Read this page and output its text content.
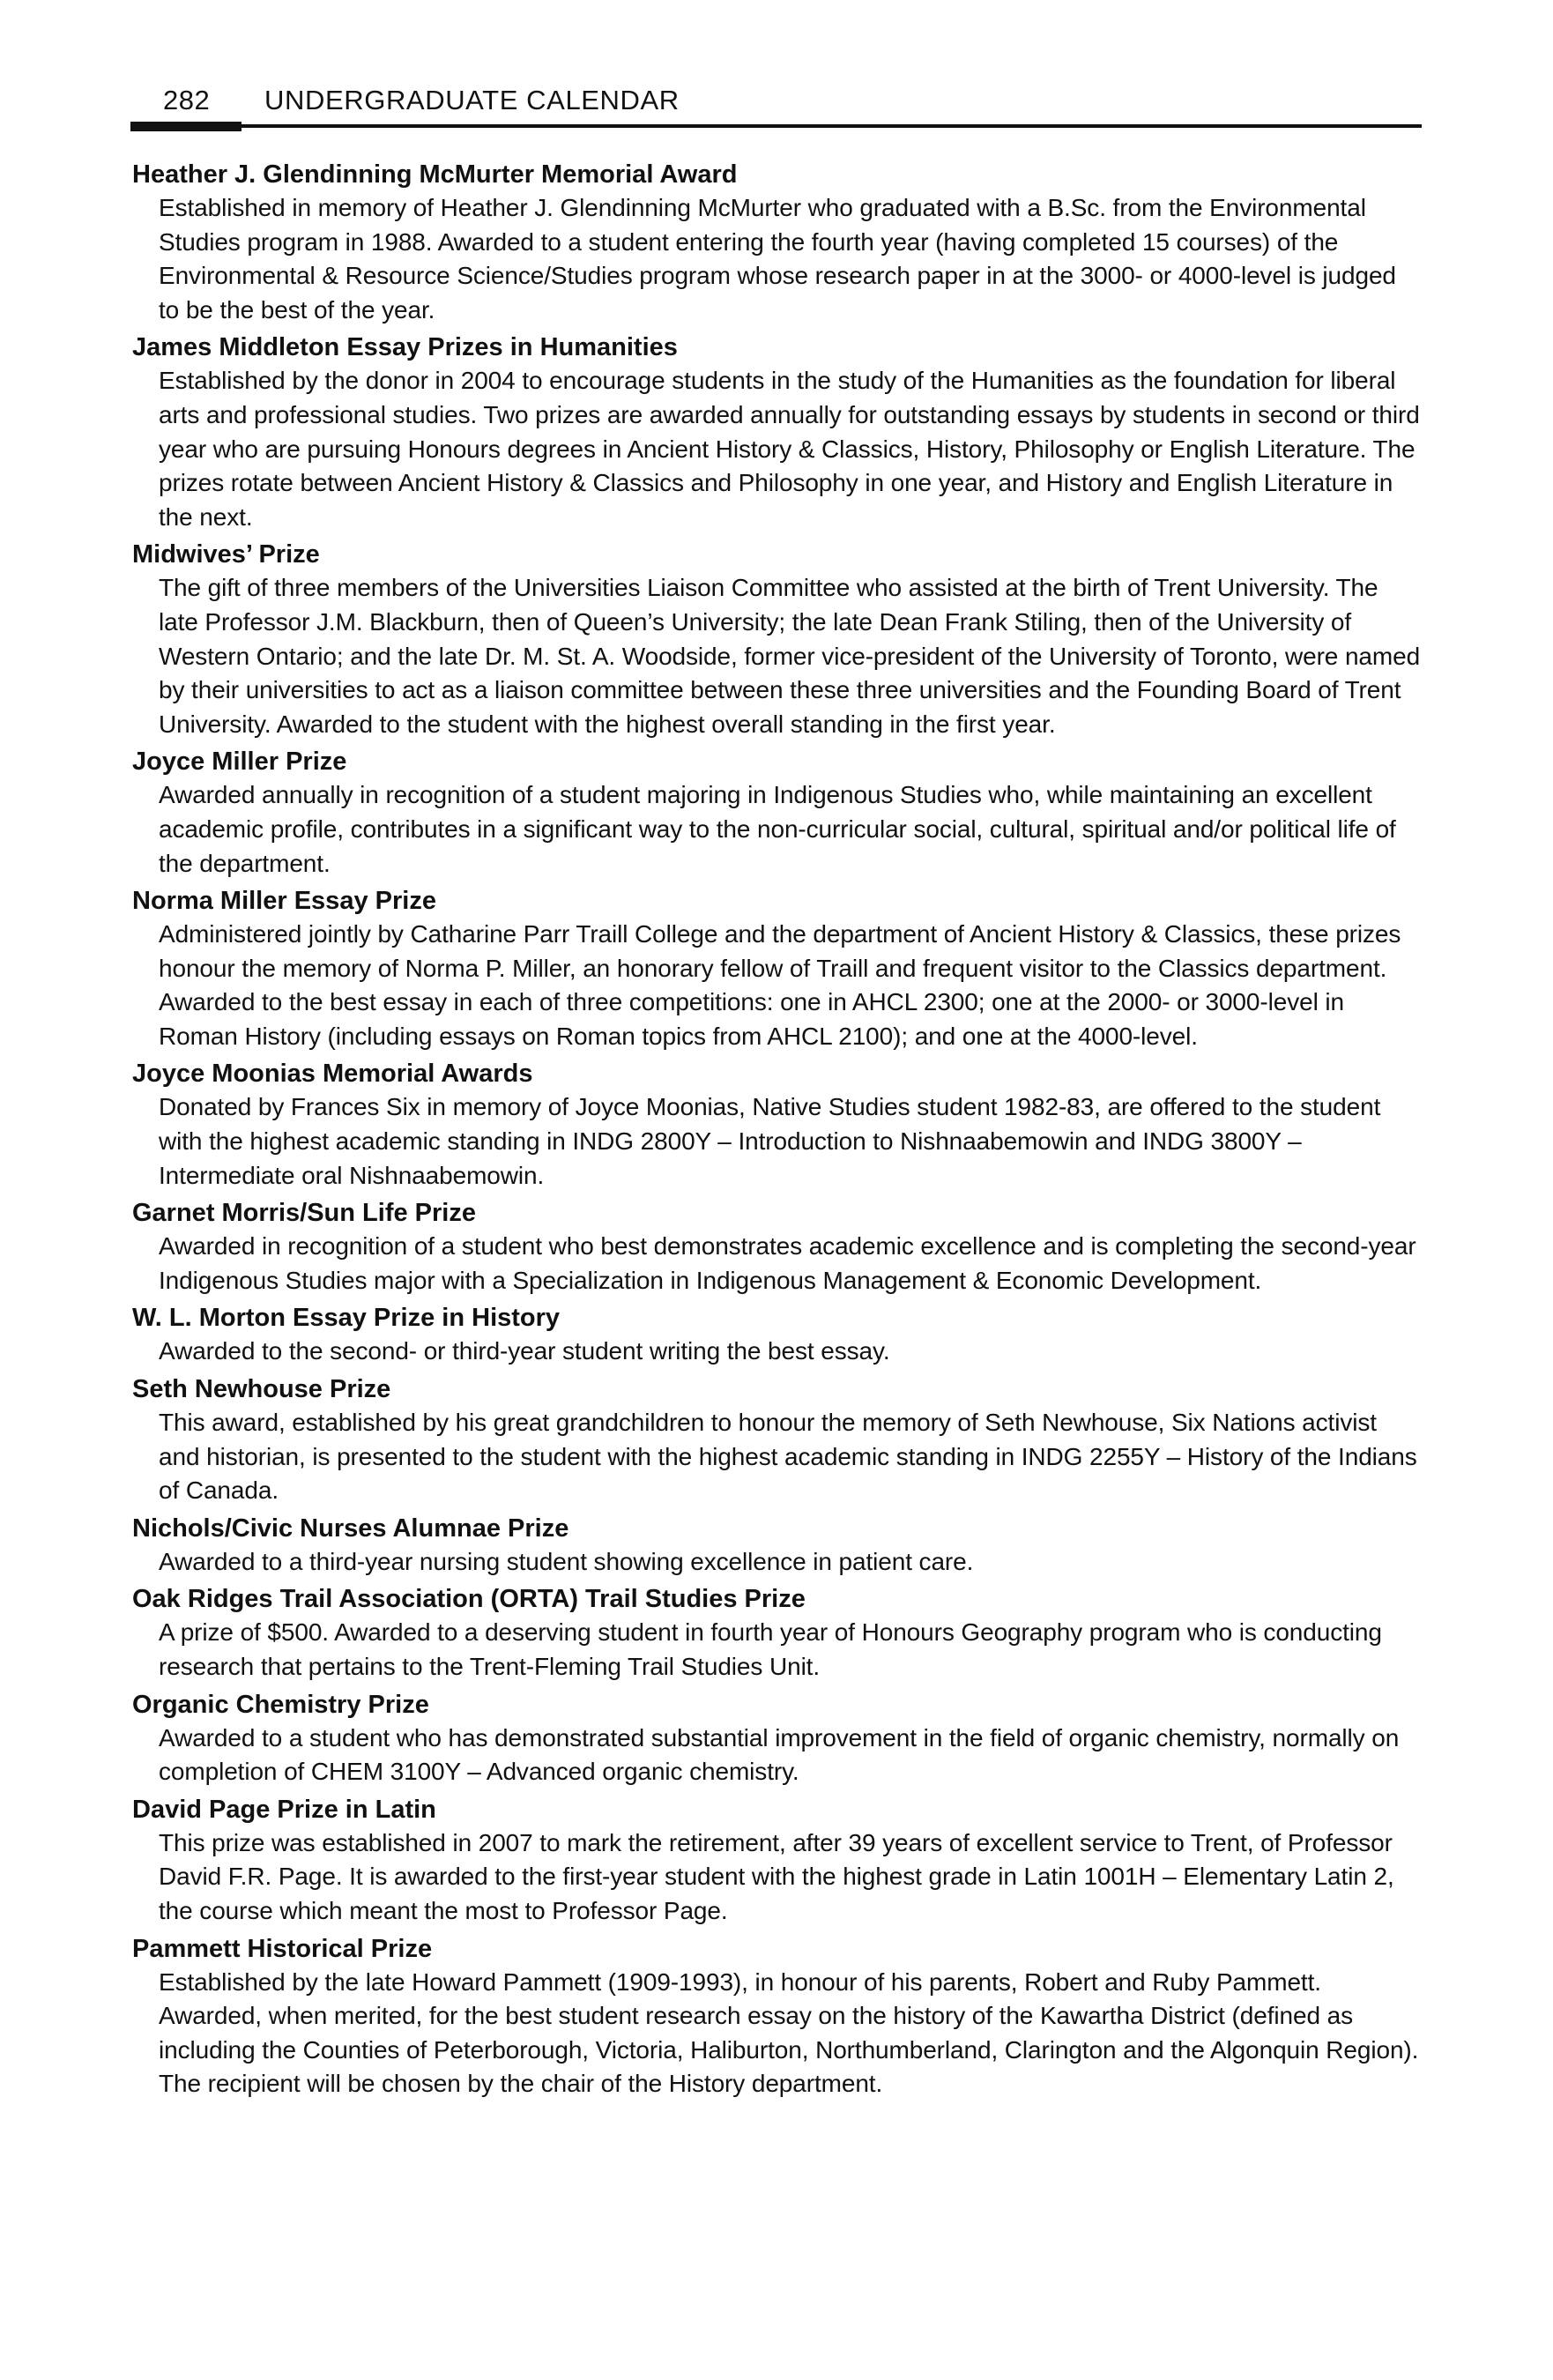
282 UNDERGRADUATE CALENDAR

Heather J. Glendinning McMurter Memorial Award

Established in memory of Heather J. Glendinning McMurter who graduated with a B.Sc. from the Environmental Studies program in 1988. Awarded to a student entering the fourth year (having completed 15 courses) of the Environmental & Resource Science/Studies program whose research paper in at the 3000- or 4000-level is judged to be the best of the year.

James Middleton Essay Prizes in Humanities

Established by the donor in 2004 to encourage students in the study of the Humanities as the foundation for liberal arts and professional studies. Two prizes are awarded annually for outstanding essays by students in second or third year who are pursuing Honours degrees in Ancient History & Classics, History, Philosophy or English Literature. The prizes rotate between Ancient History & Classics and Philosophy in one year, and History and English Literature in the next.

Midwives’ Prize

The gift of three members of the Universities Liaison Committee who assisted at the birth of Trent University. The late Professor J.M. Blackburn, then of Queen’s University; the late Dean Frank Stiling, then of the University of Western Ontario; and the late Dr. M. St. A. Woodside, former vice-president of the University of Toronto, were named by their universities to act as a liaison committee between these three universities and the Founding Board of Trent University. Awarded to the student with the highest overall standing in the first year.

Joyce Miller Prize

Awarded annually in recognition of a student majoring in Indigenous Studies who, while maintaining an excellent academic profile, contributes in a significant way to the non-curricular social, cultural, spiritual and/or political life of the department.

Norma Miller Essay Prize

Administered jointly by Catharine Parr Traill College and the department of Ancient History & Classics, these prizes honour the memory of Norma P. Miller, an honorary fellow of Traill and frequent visitor to the Classics department. Awarded to the best essay in each of three competitions: one in AHCL 2300; one at the 2000- or 3000-level in Roman History (including essays on Roman topics from AHCL 2100); and one at the 4000-level.

Joyce Moonias Memorial Awards

Donated by Frances Six in memory of Joyce Moonias, Native Studies student 1982-83, are offered to the student with the highest academic standing in INDG 2800Y – Introduction to Nishnaabemowin and INDG 3800Y – Intermediate oral Nishnaabemowin.

Garnet Morris/Sun Life Prize

Awarded in recognition of a student who best demonstrates academic excellence and is completing the second-year Indigenous Studies major with a Specialization in Indigenous Management & Economic Development.

W. L. Morton Essay Prize in History

Awarded to the second- or third-year student writing the best essay.

Seth Newhouse Prize

This award, established by his great grandchildren to honour the memory of Seth Newhouse, Six Nations activist and historian, is presented to the student with the highest academic standing in INDG 2255Y – History of the Indians of Canada.

Nichols/Civic Nurses Alumnae Prize

Awarded to a third-year nursing student showing excellence in patient care.

Oak Ridges Trail Association (ORTA) Trail Studies Prize

A prize of $500. Awarded to a deserving student in fourth year of Honours Geography program who is conducting research that pertains to the Trent-Fleming Trail Studies Unit.

Organic Chemistry Prize

Awarded to a student who has demonstrated substantial improvement in the field of organic chemistry, normally on completion of CHEM 3100Y – Advanced organic chemistry.

David Page Prize in Latin

This prize was established in 2007 to mark the retirement, after 39 years of excellent service to Trent, of Professor David F.R. Page. It is awarded to the first-year student with the highest grade in Latin 1001H – Elementary Latin 2, the course which meant the most to Professor Page.

Pammett Historical Prize

Established by the late Howard Pammett (1909-1993), in honour of his parents, Robert and Ruby Pammett. Awarded, when merited, for the best student research essay on the history of the Kawartha District (defined as including the Counties of Peterborough, Victoria, Haliburton, Northumberland, Clarington and the Algonquin Region). The recipient will be chosen by the chair of the History department.
